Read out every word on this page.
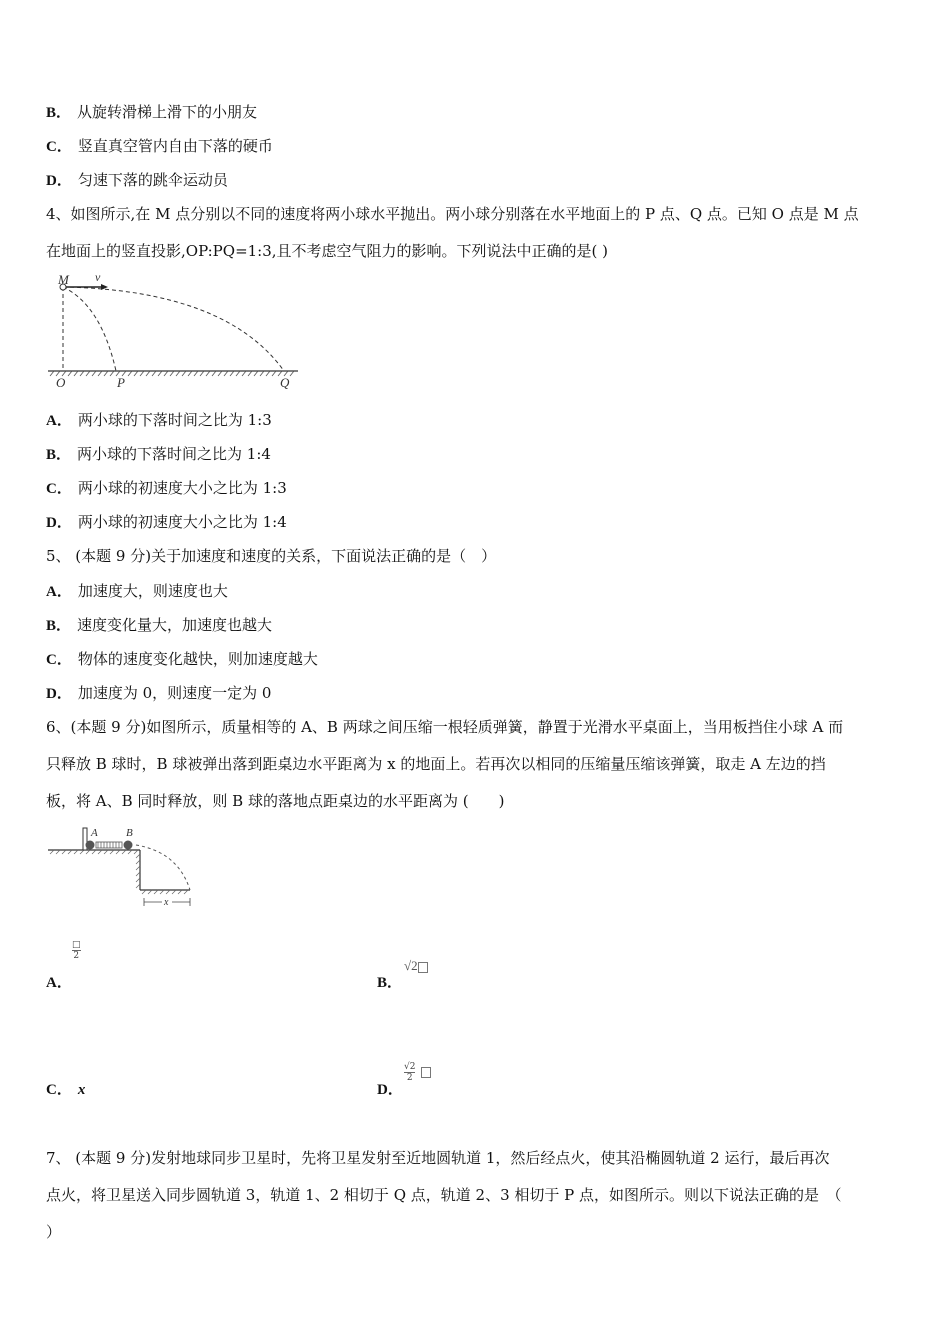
B． 从旋转滑梯上滑下的小朋友
C． 竖直真空管内自由下落的硬币
D． 匀速下落的跳伞运动员
4、如图所示,在 M 点分别以不同的速度将两小球水平抛出。两小球分别落在水平地面上的 P 点、Q 点。已知 O 点是 M 点
在地面上的竖直投影,OP:PQ=1:3,且不考虑空气阻力的影响。下列说法中正确的是( )
M v
O	P	Q
A． 两小球的下落时间之比为 1:3
B． 两小球的下落时间之比为 1:4
C． 两小球的初速度大小之比为 1:3
D． 两小球的初速度大小之比为 1:4
5、 (本题 9 分)关于加速度和速度的关系，下面说法正确的是（　）
A． 加速度大，则速度也大
B． 速度变化量大，加速度也越大
C． 物体的速度变化越快，则加速度越大
D． 加速度为 0，则速度一定为 0
6、(本题 9 分)如图所示，质量相等的 A、B 两球之间压缩一根轻质弹簧，静置于光滑水平桌面上，当用板挡住小球 A 而
只释放 B 球时，B 球被弹出落到距桌边水平距离为 x 的地面上。若再次以相同的压缩量压缩该弹簧，取走 A 左边的挡
板，将 A、B 同时释放，则 B 球的落地点距桌边的水平距离为 (　　)
A	B
x
A．
□
2
B．
√2
C． x	D．
$\frac{√2}{2}$

7、 (本题 9 分)发射地球同步卫星时，先将卫星发射至近地圆轨道 1，然后经点火，使其沿椭圆轨道 2 运行，最后再次
点火，将卫星送入同步圆轨道 3，轨道 1、2 相切于 Q 点，轨道 2、3 相切于 P 点，如图所示。则以下说法正确的是　（
）
